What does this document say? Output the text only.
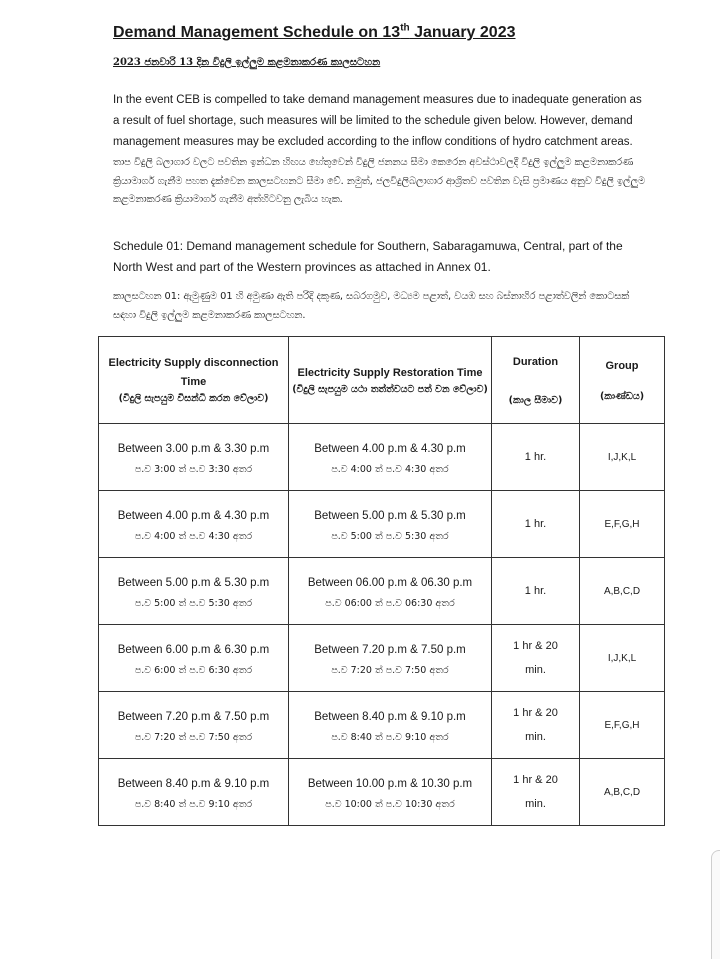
Demand Management Schedule on 13th January 2023
2023 ජනවාරි 13 දින විදුලි ඉල්ලුම කළමනාකරණ කාලසටහන

In the event CEB is compelled to take demand management measures due to inadequate generation as a result of fuel shortage, such measures will be limited to the schedule given below. However, demand management measures may be excluded according to the inflow conditions of hydro catchment areas.

තාප විදුලි බලාගාර වලට පවතින ඉන්ධන හිඟය හේතුවෙන් විදුලි ජනනය සීමා කෙරෙන අවස්ථාවලදී විදුලි ඉල්ලුම කළමනාකරණ ක්‍රියාමාර්ග ගැනීම පහත දැක්වෙන කාලසටහනට සීමා වේ. නමුත්, ජලවිදුලිබලාගාර ආශ්‍රිතව පවතින වැසි ප්‍රමාණය අනුව විදුලි ඉල්ලුම කළමනාකරණ ක්‍රියාමාර්ග ගැනීම අත්හිටවනු ලැබිය හැක.

Schedule 01: Demand management schedule for Southern, Sabaragamuwa, Central, part of the North West and part of the Western provinces as attached in Annex 01.

කාලසටහන 01: ඇමුණුම 01 හි අමුණා ඇති පරිදි දකුණ, සබරගමුව, මධ්‍යම පළාත්, වයඹ සහ බස්නාහිර පළාත්වලින් කොටසක් සඳහා විදුලි ඉල්ලුම කළමනාකරණ කාලසටහන.

Electricity Supply disconnection Time
(විදුලි සැපයුම විසන්ධි කරන වේලාව)	Electricity Supply Restoration Time
(විදුලි සැපයුම යථා තත්ත්වයට පත් වන වේලාව)	Duration
(කාල සීමාව)	Group
(කාණ්ඩය)

Between 3.00 p.m & 3.30 p.m
ප.ව 3:00 ත් ප.ව 3:30 අතර	Between 4.00 p.m & 4.30 p.m
ප.ව 4:00 ත් ප.ව 4:30 අතර	1 hr.	I,J,K,L

Between 4.00 p.m & 4.30 p.m
ප.ව 4:00 ත් ප.ව 4:30 අතර	Between 5.00 p.m & 5.30 p.m
ප.ව 5:00 ත් ප.ව 5:30 අතර	1 hr.	E,F,G,H

Between 5.00 p.m & 5.30 p.m
ප.ව 5:00 ත් ප.ව 5:30 අතර	Between 06.00 p.m & 06.30 p.m
ප.ව 06:00 ත් ප.ව 06:30 අතර	1 hr.	A,B,C,D

Between 6.00 p.m & 6.30 p.m
ප.ව 6:00 ත් ප.ව 6:30 අතර	Between 7.20 p.m & 7.50 p.m
ප.ව 7:20 ත් ප.ව 7:50 අතර	1 hr & 20
min.	I,J,K,L

Between 7.20 p.m & 7.50 p.m
ප.ව 7:20 ත් ප.ව 7:50 අතර	Between 8.40 p.m & 9.10 p.m
ප.ව 8:40 ත් ප.ව 9:10 අතර	1 hr & 20
min.	E,F,G,H

Between 8.40 p.m & 9.10 p.m
ප.ව 8:40 ත් ප.ව 9:10 අතර	Between 10.00 p.m & 10.30 p.m
ප.ව 10:00 ත් ප.ව 10:30 අතර	1 hr & 20
min.	A,B,C,D
